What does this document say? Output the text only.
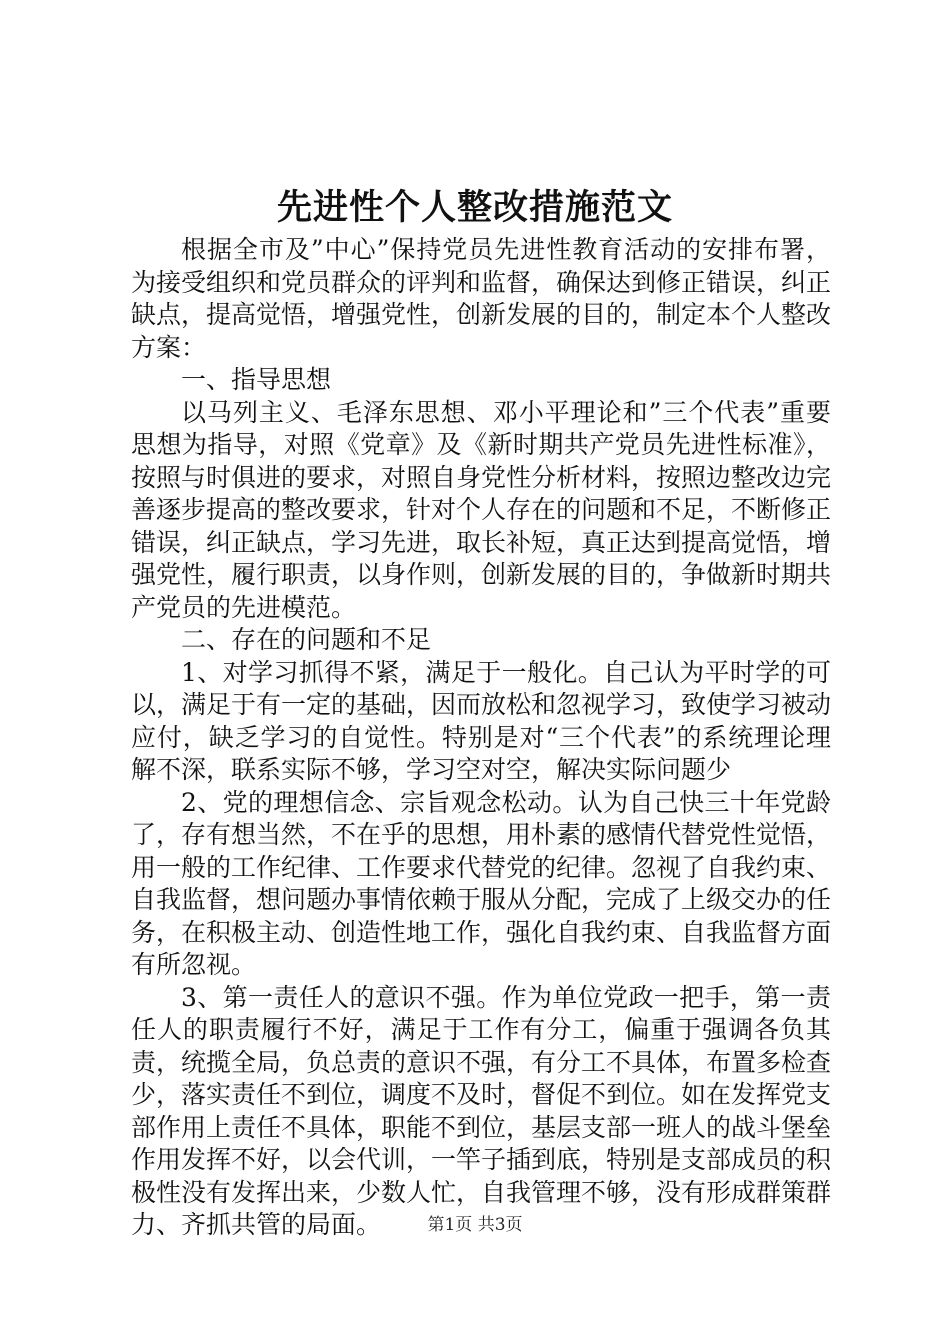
先进性个人整改措施范文

根据全市及”中心”保持党员先进性教育活动的安排布署，为接受组织和党员群众的评判和监督，确保达到修正错误，纠正缺点，提高觉悟，增强党性，创新发展的目的，制定本个人整改方案：

一、指导思想

以马列主义、毛泽东思想、邓小平理论和”三个代表”重要思想为指导，对照《党章》及《新时期共产党员先进性标准》，按照与时俱进的要求，对照自身党性分析材料，按照边整改边完善逐步提高的整改要求，针对个人存在的问题和不足，不断修正错误，纠正缺点，学习先进，取长补短，真正达到提高觉悟，增强党性，履行职责，以身作则，创新发展的目的，争做新时期共产党员的先进模范。

二、存在的问题和不足

1、对学习抓得不紧，满足于一般化。自己认为平时学的可以，满足于有一定的基础，因而放松和忽视学习，致使学习被动应付，缺乏学习的自觉性。特别是对“三个代表”的系统理论理解不深，联系实际不够，学习空对空，解决实际问题少

2、党的理想信念、宗旨观念松动。认为自己快三十年党龄了，存有想当然，不在乎的思想，用朴素的感情代替党性觉悟，用一般的工作纪律、工作要求代替党的纪律。忽视了自我约束、自我监督，想问题办事情依赖于服从分配，完成了上级交办的任务，在积极主动、创造性地工作，强化自我约束、自我监督方面有所忽视。

3、第一责任人的意识不强。作为单位党政一把手，第一责任人的职责履行不好，满足于工作有分工，偏重于强调各负其责，统揽全局，负总责的意识不强，有分工不具体，布置多检查少，落实责任不到位，调度不及时，督促不到位。如在发挥党支部作用上责任不具体，职能不到位，基层支部一班人的战斗堡垒作用发挥不好，以会代训，一竿子插到底，特别是支部成员的积极性没有发挥出来，少数人忙，自我管理不够，没有形成群策群力、齐抓共管的局面。	第1页 共3页
